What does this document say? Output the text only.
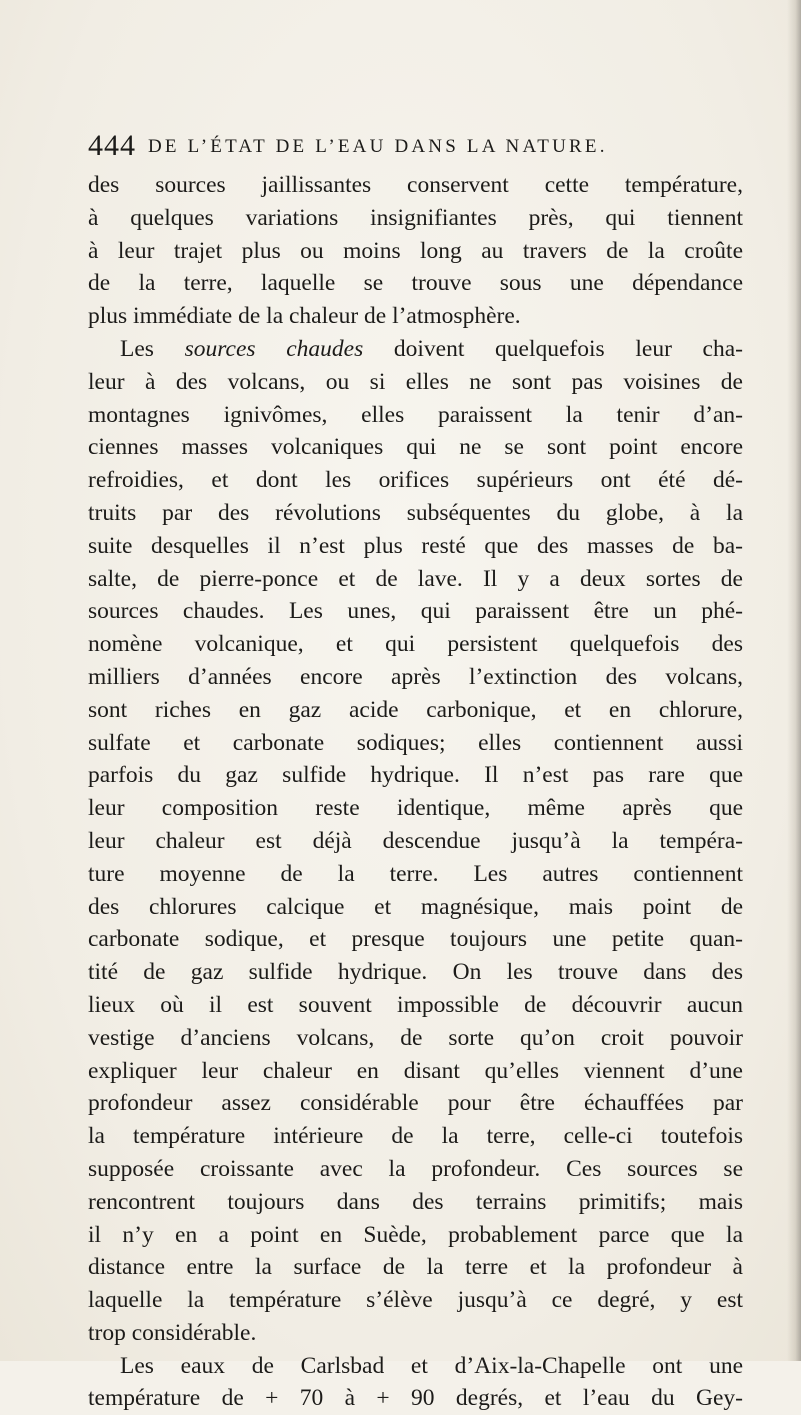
444 DE L’ÉTAT DE L’EAU DANS LA NATURE.
des sources jaillissantes conservent cette température,
à quelques variations insignifiantes près, qui tiennent
à leur trajet plus ou moins long au travers de la croûte
de la terre, laquelle se trouve sous une dépendance
plus immédiate de la chaleur de l’atmosphère.
Les sources chaudes doivent quelquefois leur cha-
leur à des volcans, ou si elles ne sont pas voisines de
montagnes ignivômes, elles paraissent la tenir d’an-
ciennes masses volcaniques qui ne se sont point encore
refroidies, et dont les orifices supérieurs ont été dé-
truits par des révolutions subséquentes du globe, à la
suite desquelles il n’est plus resté que des masses de ba-
salte, de pierre-ponce et de lave. Il y a deux sortes de
sources chaudes. Les unes, qui paraissent être un phé-
nomène volcanique, et qui persistent quelquefois des
milliers d’années encore après l’extinction des volcans,
sont riches en gaz acide carbonique, et en chlorure,
sulfate et carbonate sodiques; elles contiennent aussi
parfois du gaz sulfide hydrique. Il n’est pas rare que
leur composition reste identique, même après que
leur chaleur est déjà descendue jusqu’à la tempéra-
ture moyenne de la terre. Les autres contiennent
des chlorures calcique et magnésique, mais point de
carbonate sodique, et presque toujours une petite quan-
tité de gaz sulfide hydrique. On les trouve dans des
lieux où il est souvent impossible de découvrir aucun
vestige d’anciens volcans, de sorte qu’on croit pouvoir
expliquer leur chaleur en disant qu’elles viennent d’une
profondeur assez considérable pour être échauffées par
la température intérieure de la terre, celle-ci toutefois
supposée croissante avec la profondeur. Ces sources se
rencontrent toujours dans des terrains primitifs; mais
il n’y en a point en Suède, probablement parce que la
distance entre la surface de la terre et la profondeur à
laquelle la température s’élève jusqu’à ce degré, y est
trop considérable.
Les eaux de Carlsbad et d’Aix-la-Chapelle ont une
température de + 70 à + 90 degrés, et l’eau du Gey-
